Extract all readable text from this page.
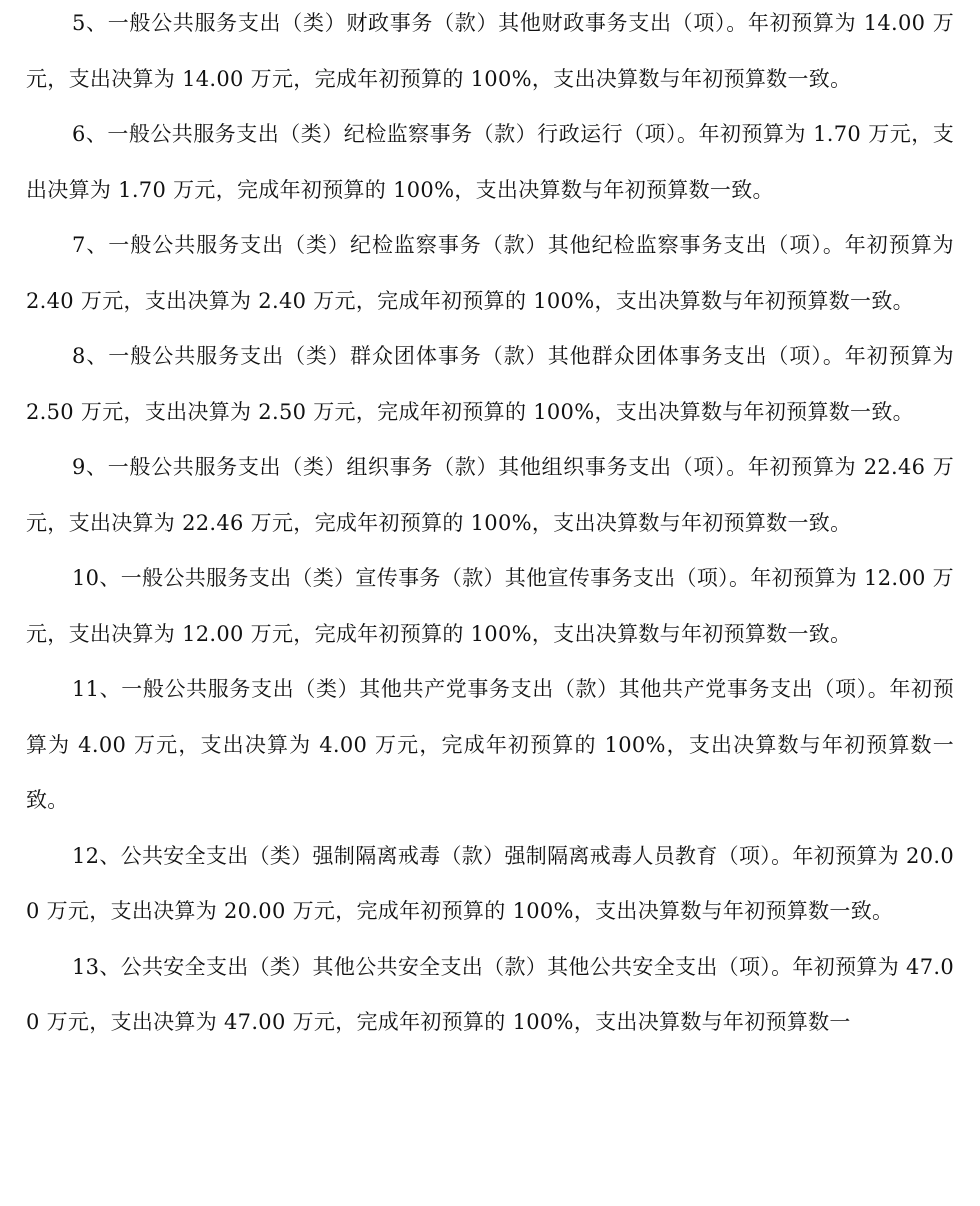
5、一般公共服务支出（类）财政事务（款）其他财政事务支出（项）。年初预算为 14.00 万元，支出决算为 14.00 万元，完成年初预算的 100%，支出决算数与年初预算数一致。

6、一般公共服务支出（类）纪检监察事务（款）行政运行（项）。年初预算为 1.70 万元，支出决算为 1.70 万元，完成年初预算的 100%，支出决算数与年初预算数一致。

7、一般公共服务支出（类）纪检监察事务（款）其他纪检监察事务支出（项）。年初预算为 2.40 万元，支出决算为 2.40 万元，完成年初预算的 100%，支出决算数与年初预算数一致。

8、一般公共服务支出（类）群众团体事务（款）其他群众团体事务支出（项）。年初预算为 2.50 万元，支出决算为 2.50 万元，完成年初预算的 100%，支出决算数与年初预算数一致。

9、一般公共服务支出（类）组织事务（款）其他组织事务支出（项）。年初预算为 22.46 万元，支出决算为 22.46 万元，完成年初预算的 100%，支出决算数与年初预算数一致。

10、一般公共服务支出（类）宣传事务（款）其他宣传事务支出（项）。年初预算为 12.00 万元，支出决算为 12.00 万元，完成年初预算的 100%，支出决算数与年初预算数一致。

11、一般公共服务支出（类）其他共产党事务支出（款）其他共产党事务支出（项）。年初预算为 4.00 万元，支出决算为 4.00 万元，完成年初预算的 100%，支出决算数与年初预算数一致。

12、公共安全支出（类）强制隔离戒毒（款）强制隔离戒毒人员教育（项）。年初预算为 20.00 万元，支出决算为 20.00 万元，完成年初预算的 100%，支出决算数与年初预算数一致。

13、公共安全支出（类）其他公共安全支出（款）其他公共安全支出（项）。年初预算为 47.00 万元，支出决算为 47.00 万元，完成年初预算的 100%，支出决算数与年初预算数一
